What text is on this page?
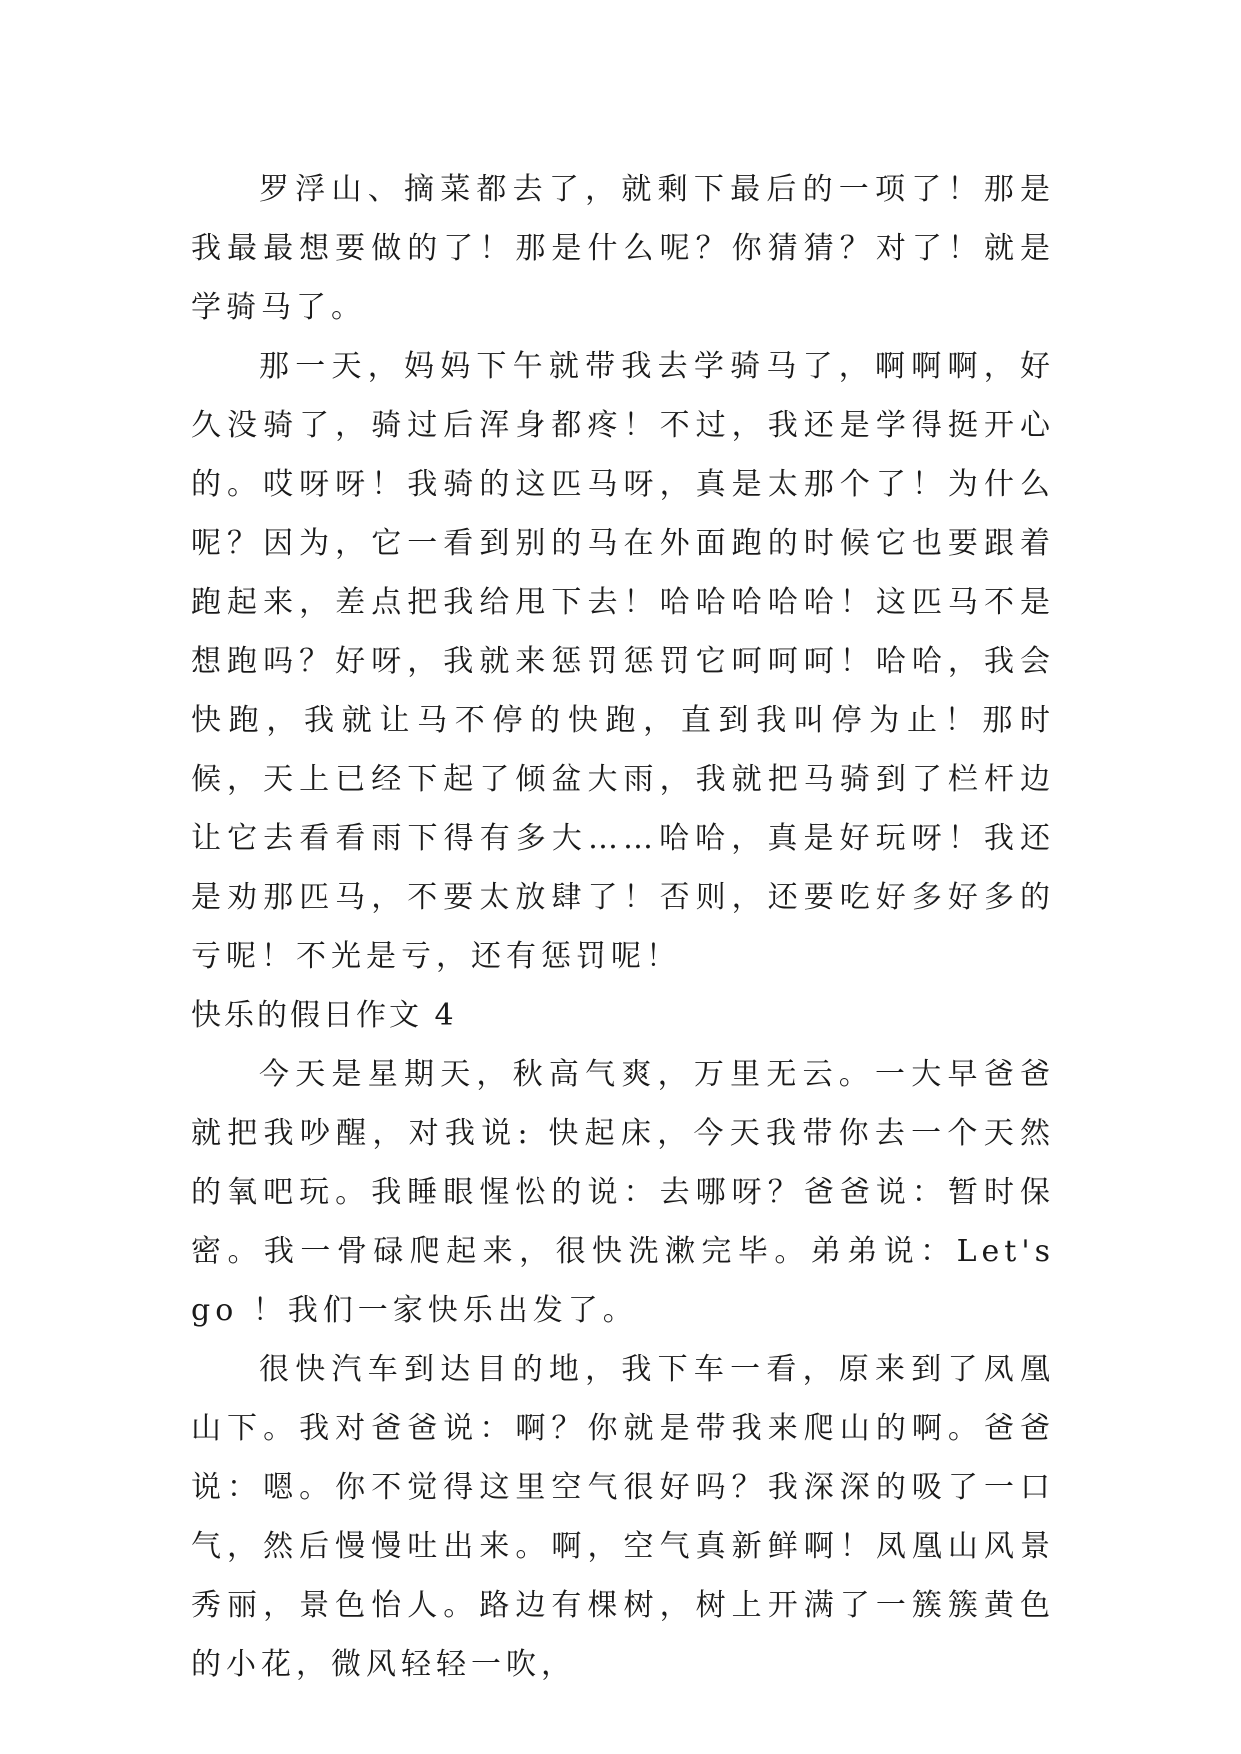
罗浮山、摘菜都去了，就剩下最后的一项了！那是我最最想要做的了！那是什么呢？你猜猜？对了！就是学骑马了。

那一天，妈妈下午就带我去学骑马了，啊啊啊，好久没骑了，骑过后浑身都疼！不过，我还是学得挺开心的。哎呀呀！我骑的这匹马呀，真是太那个了！为什么呢？因为，它一看到别的马在外面跑的时候它也要跟着跑起来，差点把我给甩下去！哈哈哈哈哈！这匹马不是想跑吗？好呀，我就来惩罚惩罚它呵呵呵！哈哈，我会快跑，我就让马不停的快跑，直到我叫停为止！那时候，天上已经下起了倾盆大雨，我就把马骑到了栏杆边让它去看看雨下得有多大……哈哈，真是好玩呀！我还是劝那匹马，不要太放肆了！否则，还要吃好多好多的亏呢！不光是亏，还有惩罚呢！

快乐的假日作文 4

今天是星期天，秋高气爽，万里无云。一大早爸爸就把我吵醒，对我说: 快起床，今天我带你去一个天然的氧吧玩。我睡眼惺忪的说：去哪呀？爸爸说：暂时保密。我一骨碌爬起来，很快洗漱完毕。弟弟说：Let's go ！我们一家快乐出发了。

很快汽车到达目的地，我下车一看，原来到了凤凰山下。我对爸爸说：啊？你就是带我来爬山的啊。爸爸说：嗯。你不觉得这里空气很好吗？我深深的吸了一口气，然后慢慢吐出来。啊，空气真新鲜啊！凤凰山风景秀丽，景色怡人。路边有棵树，树上开满了一簇簇黄色的小花，微风轻轻一吹，
